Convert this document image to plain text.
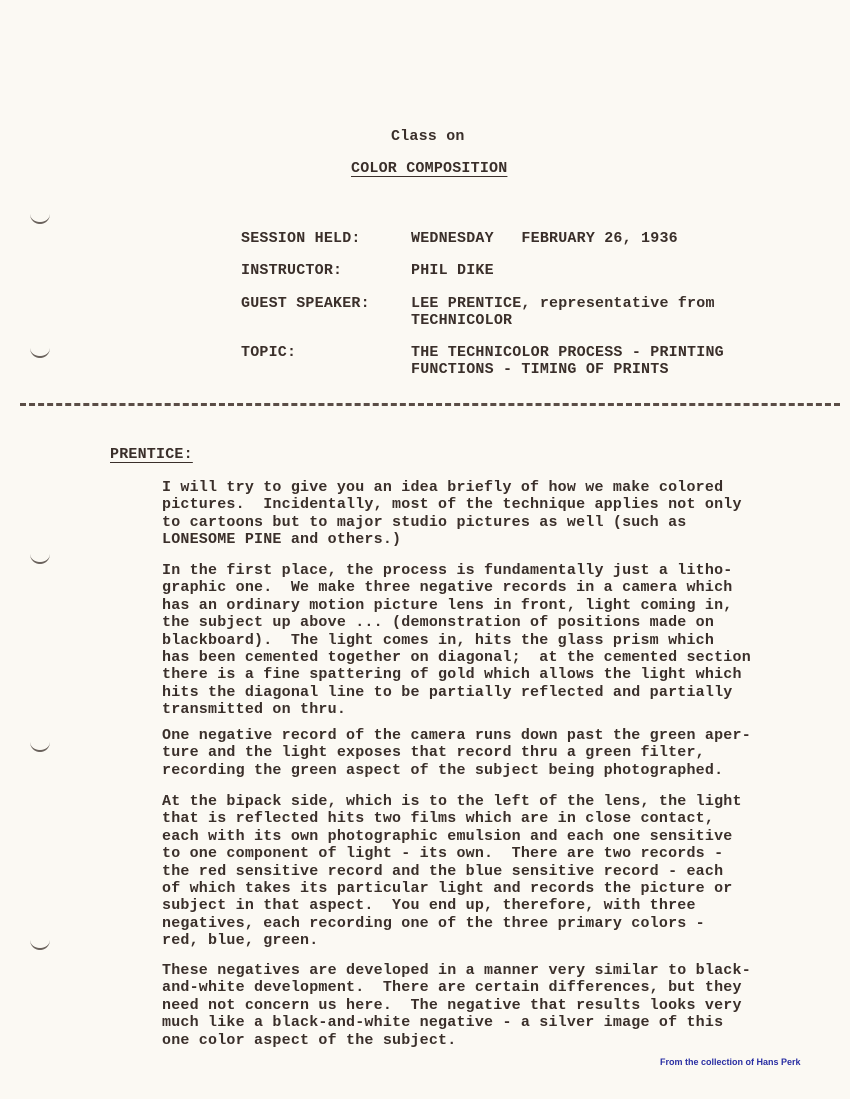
Class on
COLOR COMPOSITION
SESSION HELD:	WEDNESDAY   FEBRUARY 26, 1936
INSTRUCTOR:	PHIL DIKE
GUEST SPEAKER:	LEE PRENTICE, representative from
TECHNICOLOR
TOPIC:	THE TECHNICOLOR PROCESS - PRINTING
FUNCTIONS - TIMING OF PRINTS
PRENTICE:
I will try to give you an idea briefly of how we make colored
pictures.  Incidentally, most of the technique applies not only
to cartoons but to major studio pictures as well (such as
LONESOME PINE and others.)
In the first place, the process is fundamentally just a litho-
graphic one.  We make three negative records in a camera which
has an ordinary motion picture lens in front, light coming in,
the subject up above ... (demonstration of positions made on
blackboard).  The light comes in, hits the glass prism which
has been cemented together on diagonal;  at the cemented section
there is a fine spattering of gold which allows the light which
hits the diagonal line to be partially reflected and partially
transmitted on thru.
One negative record of the camera runs down past the green aper-
ture and the light exposes that record thru a green filter,
recording the green aspect of the subject being photographed.
At the bipack side, which is to the left of the lens, the light
that is reflected hits two films which are in close contact,
each with its own photographic emulsion and each one sensitive
to one component of light - its own.  There are two records -
the red sensitive record and the blue sensitive record - each
of which takes its particular light and records the picture or
subject in that aspect.  You end up, therefore, with three
negatives, each recording one of the three primary colors -
red, blue, green.
These negatives are developed in a manner very similar to black-
and-white development.  There are certain differences, but they
need not concern us here.  The negative that results looks very
much like a black-and-white negative - a silver image of this
one color aspect of the subject.
From the collection of Hans Perk
